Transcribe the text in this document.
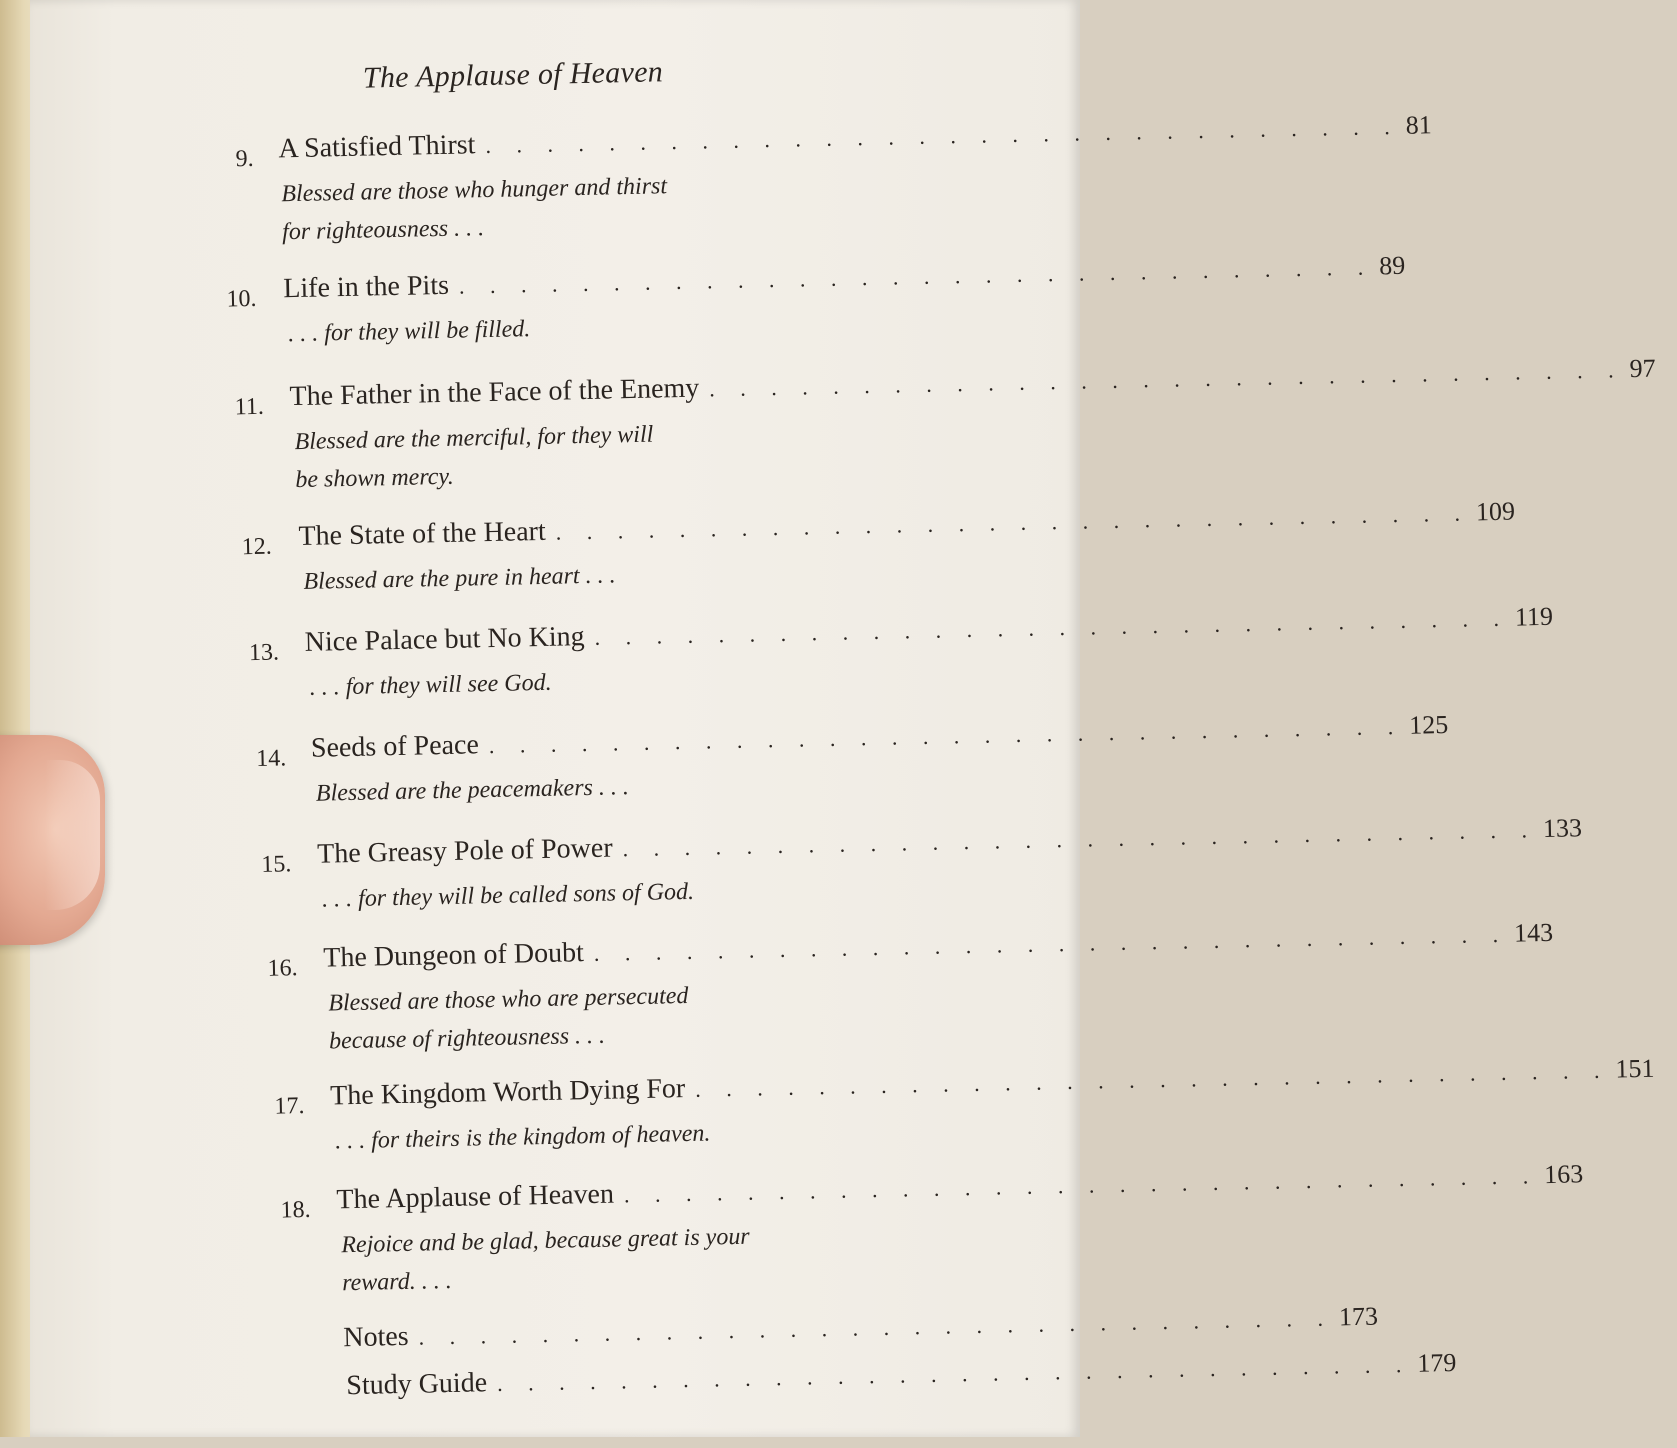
The Applause of Heaven
9. A Satisfied Thirst . . . . . . . . . . . . . . . . . . . . . . . . . . . . . . 81
Blessed are those who hunger and thirst
for righteousness . . .
10. Life in the Pits . . . . . . . . . . . . . . . . . . . . . . . . . . . . . . 89
. . . for they will be filled.
11. The Father in the Face of the Enemy . . . . . . . . . . . . . . . . . . . . . . . . . . . . . . 97
Blessed are the merciful, for they will
be shown mercy.
12. The State of the Heart . . . . . . . . . . . . . . . . . . . . . . . . . . . . . . 109
Blessed are the pure in heart . . .
13. Nice Palace but No King . . . . . . . . . . . . . . . . . . . . . . . . . . . . . . 119
. . . for they will see God.
14. Seeds of Peace . . . . . . . . . . . . . . . . . . . . . . . . . . . . . . 125
Blessed are the peacemakers . . .
15. The Greasy Pole of Power . . . . . . . . . . . . . . . . . . . . . . . . . . . . . . 133
. . . for they will be called sons of God.
16. The Dungeon of Doubt . . . . . . . . . . . . . . . . . . . . . . . . . . . . . . 143
Blessed are those who are persecuted
because of righteousness . . .
17. The Kingdom Worth Dying For . . . . . . . . . . . . . . . . . . . . . . . . . . . . . . 151
. . . for theirs is the kingdom of heaven.
18. The Applause of Heaven . . . . . . . . . . . . . . . . . . . . . . . . . . . . . . 163
Rejoice and be glad, because great is your
reward. . . .
Notes . . . . . . . . . . . . . . . . . . . . . . . . . . . . . . 173
Study Guide . . . . . . . . . . . . . . . . . . . . . . . . . . . . . . 179
